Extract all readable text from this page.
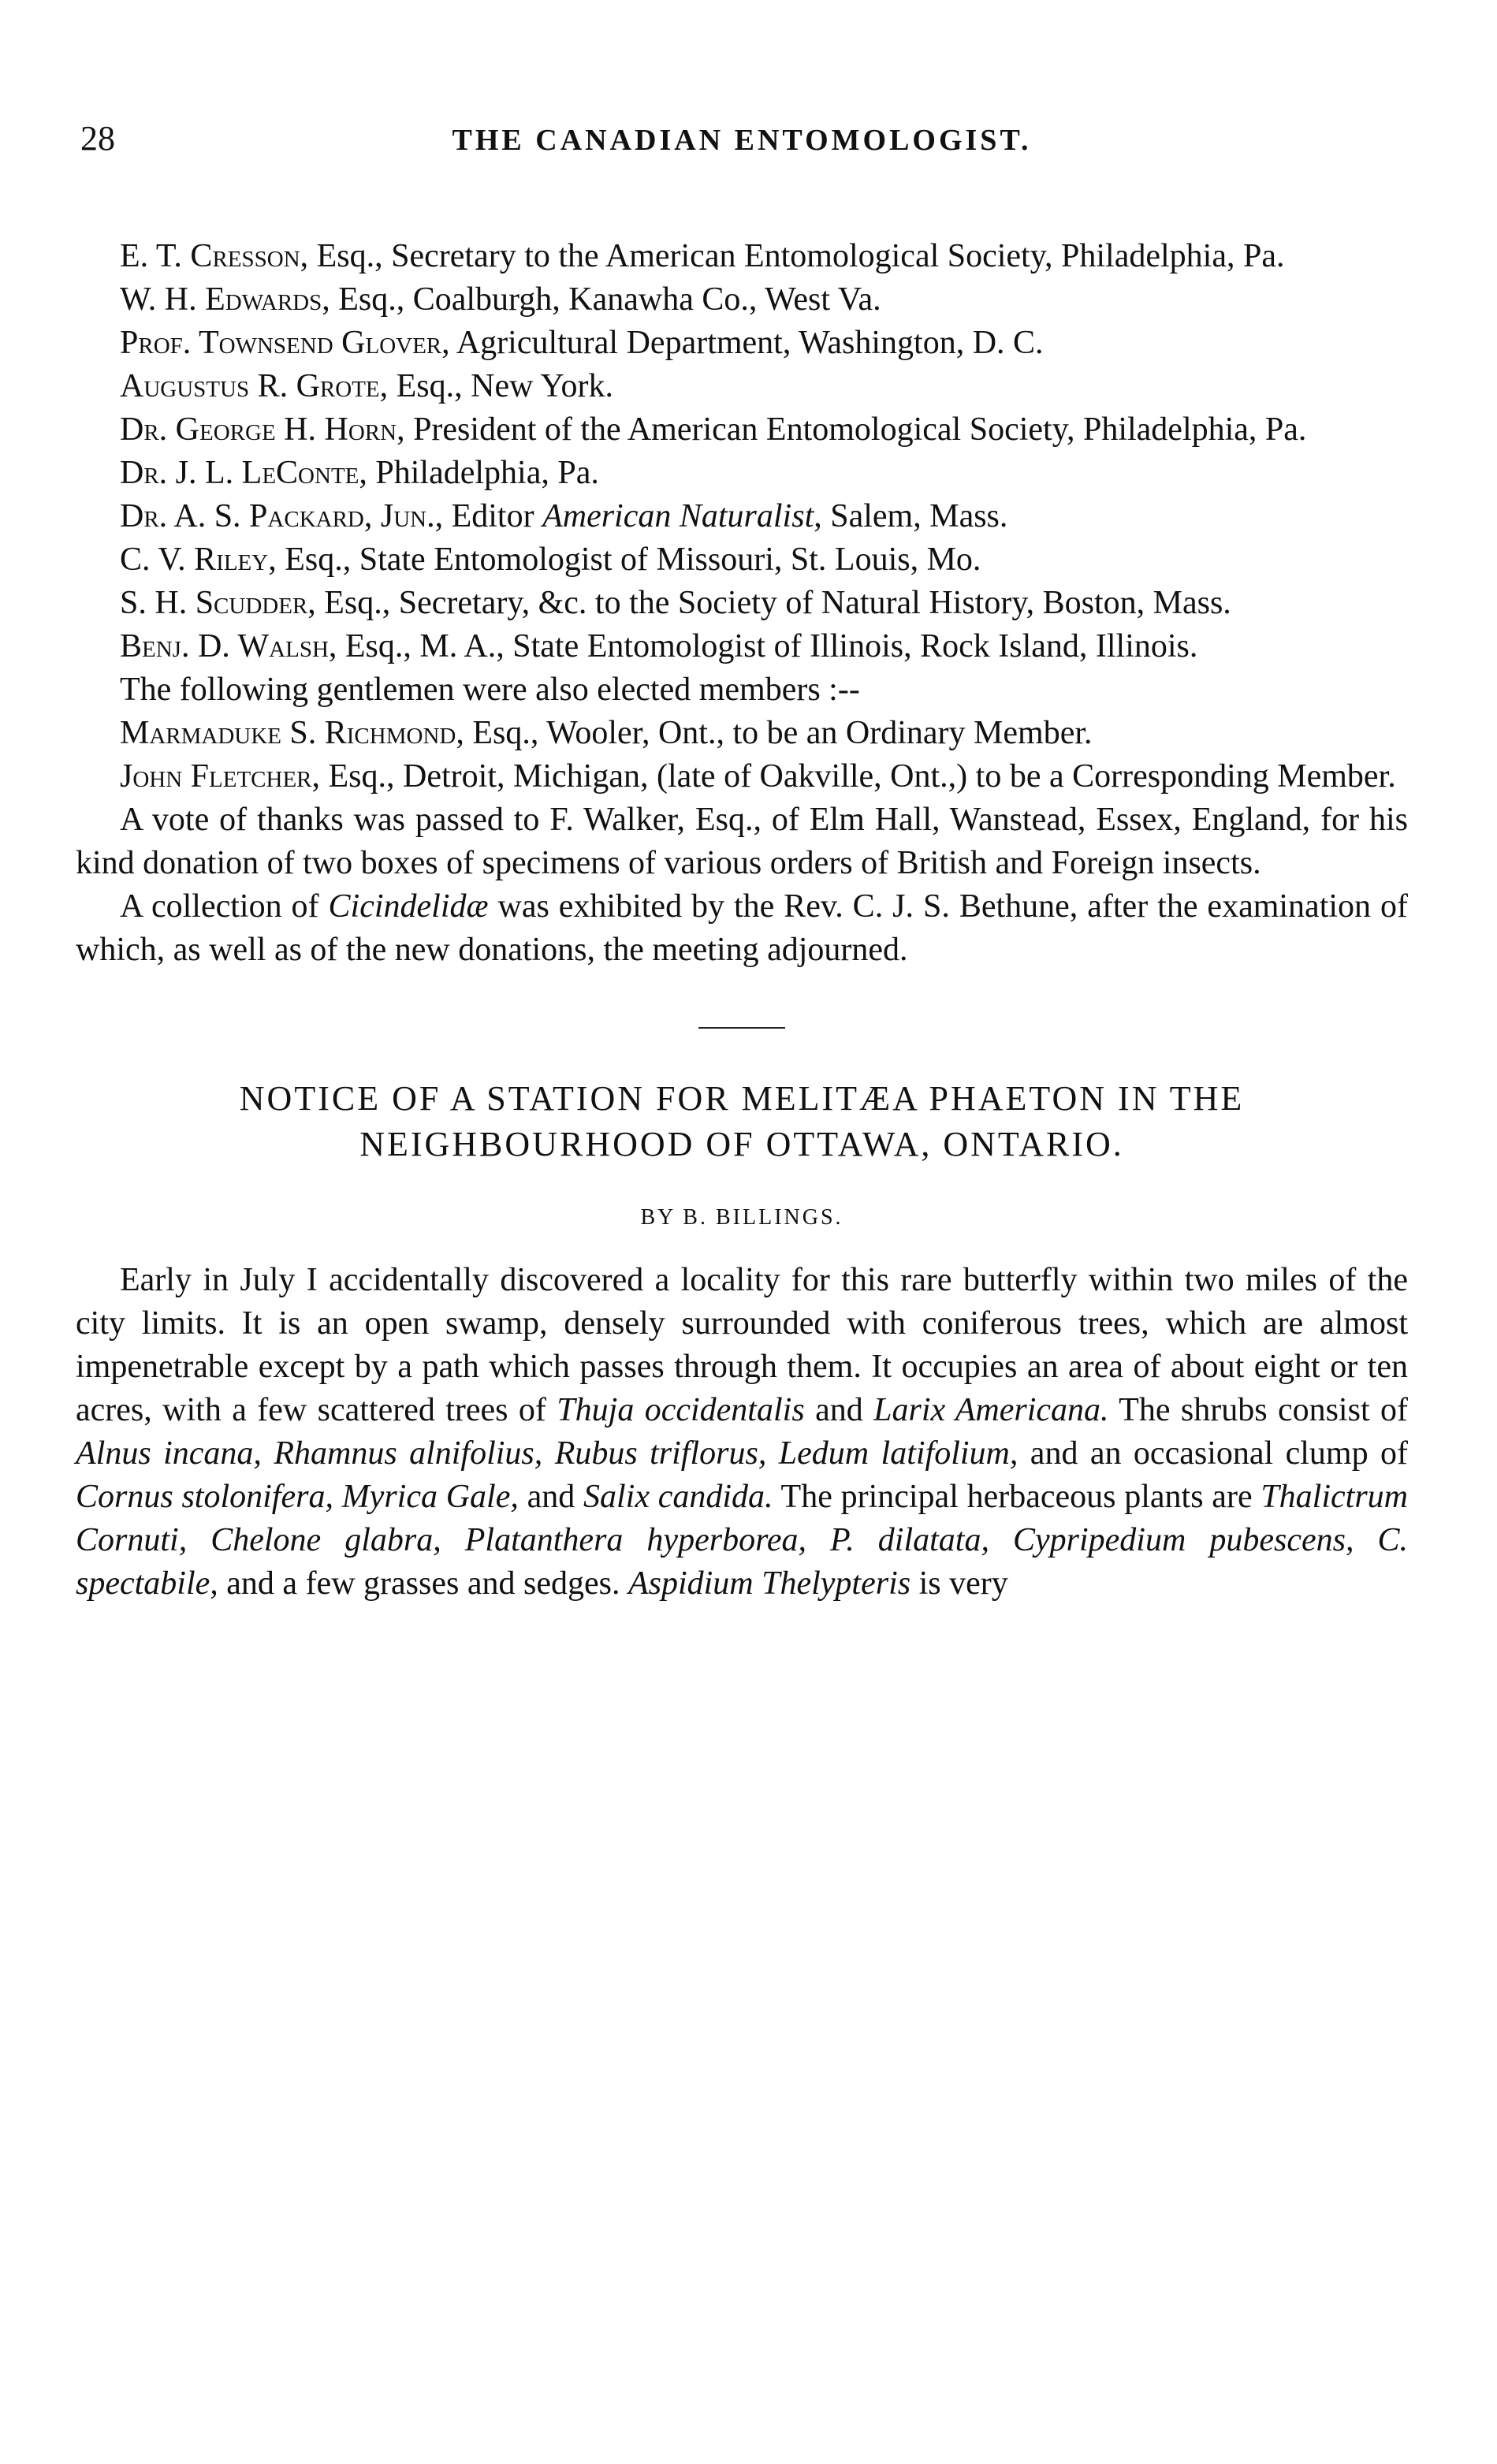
28	THE CANADIAN ENTOMOLOGIST.

E. T. Cresson, Esq., Secretary to the American Entomological Society, Philadelphia, Pa.

W. H. Edwards, Esq., Coalburgh, Kanawha Co., West Va.

Prof. Townsend Glover, Agricultural Department, Washington, D. C.

Augustus R. Grote, Esq., New York.

Dr. George H. Horn, President of the American Entomological Society, Philadelphia, Pa.

Dr. J. L. LeConte, Philadelphia, Pa.

Dr. A. S. Packard, Jun., Editor American Naturalist, Salem, Mass.

C. V. Riley, Esq., State Entomologist of Missouri, St. Louis, Mo.

S. H. Scudder, Esq., Secretary, &c. to the Society of Natural History, Boston, Mass.

Benj. D. Walsh, Esq., M. A., State Entomologist of Illinois, Rock Island, Illinois.

The following gentlemen were also elected members :--

Marmaduke S. Richmond, Esq., Wooler, Ont., to be an Ordinary Member.

John Fletcher, Esq., Detroit, Michigan, (late of Oakville, Ont.,) to be a Corresponding Member.

A vote of thanks was passed to F. Walker, Esq., of Elm Hall, Wanstead, Essex, England, for his kind donation of two boxes of specimens of various orders of British and Foreign insects.

A collection of Cicindelidæ was exhibited by the Rev. C. J. S. Bethune, after the examination of which, as well as of the new donations, the meeting adjourned.

NOTICE OF A STATION FOR MELITÆA PHAETON IN THE
NEIGHBOURHOOD OF OTTAWA, ONTARIO.
BY B. BILLINGS.

Early in July I accidentally discovered a locality for this rare butterfly within two miles of the city limits. It is an open swamp, densely surrounded with coniferous trees, which are almost impenetrable except by a path which passes through them. It occupies an area of about eight or ten acres, with a few scattered trees of Thuja occidentalis and Larix Americana. The shrubs consist of Alnus incana, Rhamnus alnifolius, Rubus triflorus, Ledum latifolium, and an occasional clump of Cornus stolonifera, Myrica Gale, and Salix candida. The principal herbaceous plants are Thalictrum Cornuti, Chelone glabra, Platanthera hyperborea, P. dilatata, Cypripedium pubescens, C. spectabile, and a few grasses and sedges. Aspidium Thelypteris is very
